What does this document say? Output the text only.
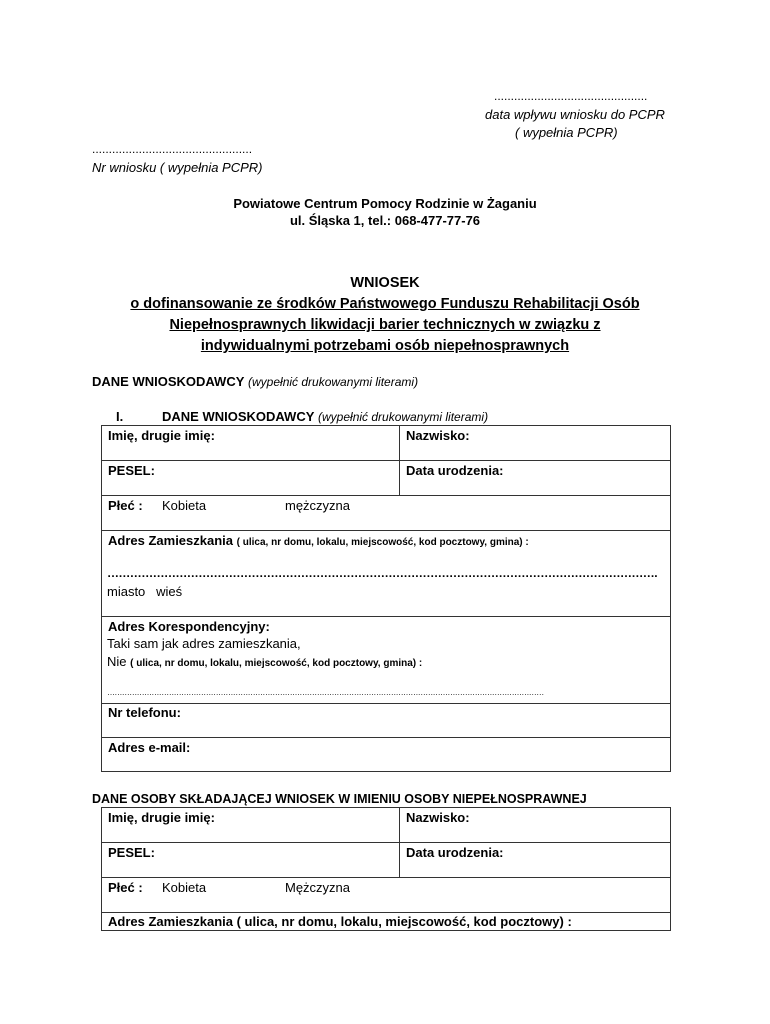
..............................................
data wpływu wniosku do PCPR
( wypełnia PCPR)
................................................
Nr wniosku ( wypełnia PCPR)
Powiatowe Centrum Pomocy Rodzinie w Żaganiu
ul. Śląska 1, tel.: 068-477-77-76
WNIOSEK
o dofinansowanie ze środków Państwowego Funduszu Rehabilitacji Osób
Niepełnosprawnych likwidacji barier technicznych w związku z
indywidualnymi potrzebami osób niepełnosprawnych
DANE WNIOSKODAWCY (wypełnić drukowanymi literami)
I.	DANE WNIOSKODAWCY (wypełnić drukowanymi literami)
Imię, drugie imię:	Nazwisko:
PESEL:	Data urodzenia:
Płeć : Kobieta	mężczyzna
Adres Zamieszkania ( ulica, nr domu, lokalu, miejscowość, kod pocztowy, gmina) :
……………………………………………………………………………………………………………………………….
miasto wieś
Adres Korespondencyjny:
Taki sam jak adres zamieszkania,
Nie ( ulica, nr domu, lokalu, miejscowość, kod pocztowy, gmina) :
……………………………………………………………………………………………………………………………………………………………
Nr telefonu:
Adres e-mail:
DANE OSOBY SKŁADAJĄCEJ WNIOSEK W IMIENIU OSOBY NIEPEŁNOSPRAWNEJ
Imię, drugie imię:	Nazwisko:
PESEL:	Data urodzenia:
Płeć : Kobieta	Mężczyzna
Adres Zamieszkania ( ulica, nr domu, lokalu, miejscowość, kod pocztowy) :
